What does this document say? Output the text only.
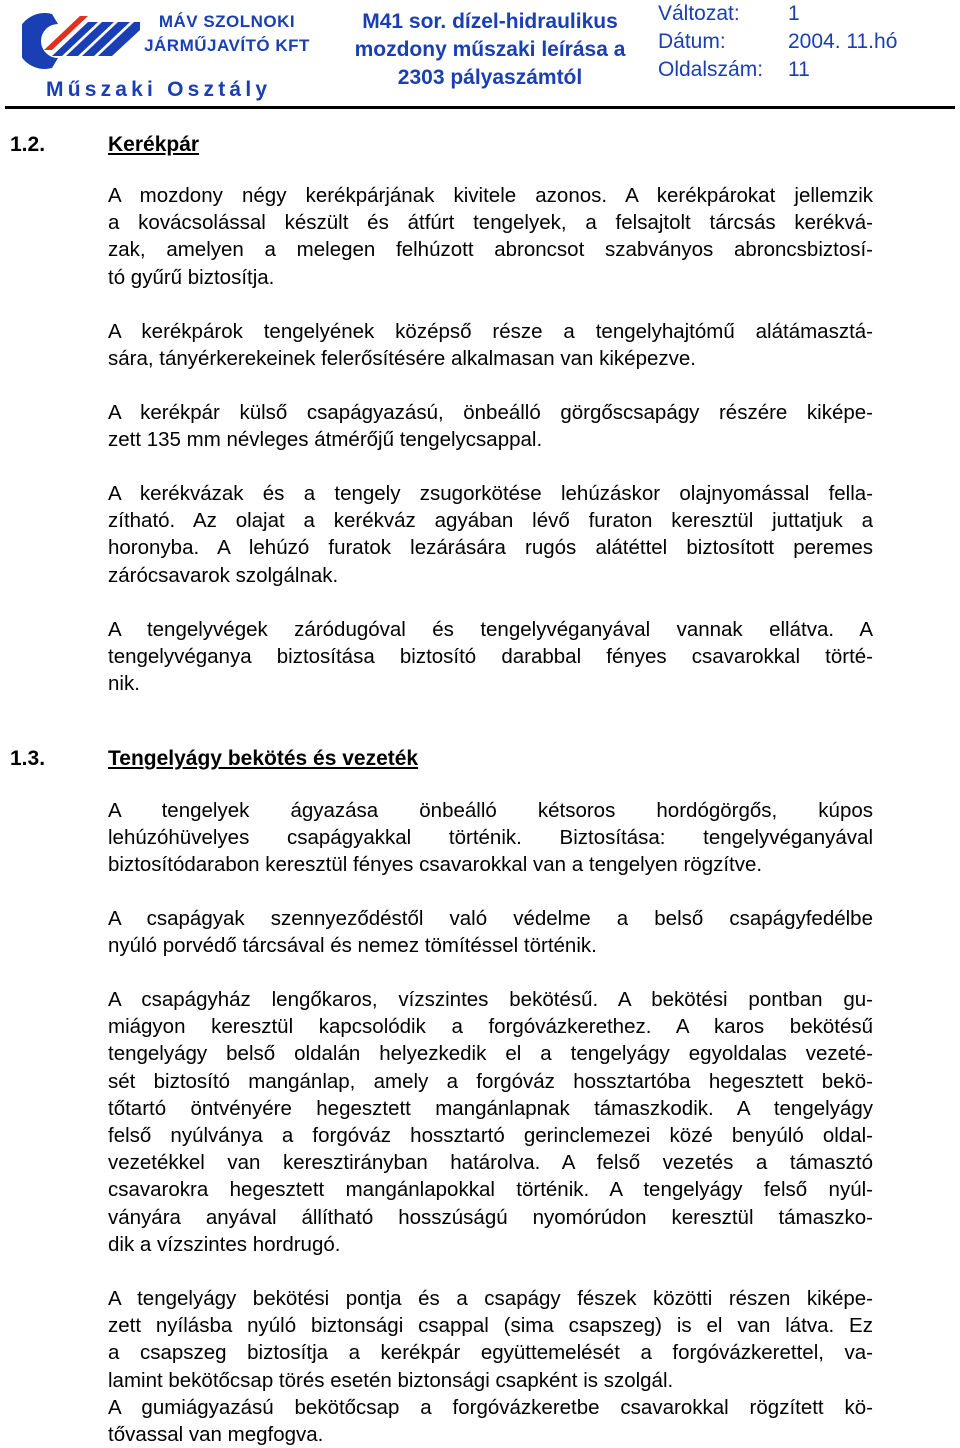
MÁV SZOLNOKI
JÁRMŰJAVÍTÓ KFT
Műszaki Osztály
M41 sor. dízel-hidraulikus
mozdony műszaki leírása a
2303 pályaszámtól
Változat:	1
Dátum:	2004. 11.hó
Oldalszám:	11
1.2.	Kerékpár
A mozdony négy kerékpárjának kivitele azonos. A kerékpárokat jellemzik
a kovácsolással készült és átfúrt tengelyek, a felsajtolt tárcsás kerékvá-
zak, amelyen a melegen felhúzott abroncsot szabványos abroncsbiztosí-
tó gyűrű biztosítja.
A kerékpárok tengelyének középső része a tengelyhajtómű alátámasztá-
sára, tányérkerekeinek felerősítésére alkalmasan van kiképezve.
A kerékpár külső csapágyazású, önbeálló görgőscsapágy részére kiképe-
zett 135 mm névleges átmérőjű tengelycsappal.
A kerékvázak és a tengely zsugorkötése lehúzáskor olajnyomással fella-
zítható. Az olajat a kerékváz agyában lévő furaton keresztül juttatjuk a
horonyba. A lehúzó furatok lezárására rugós alátéttel biztosított peremes
zárócsavarok szolgálnak.
A tengelyvégek záródugóval és tengelyvéganyával vannak ellátva. A
tengelyvéganya biztosítása biztosító darabbal fényes csavarokkal törté-
nik.
1.3.	Tengelyágy bekötés és vezeték
A tengelyek ágyazása önbeálló kétsoros hordógörgős, kúpos
lehúzóhüvelyes csapágyakkal történik. Biztosítása: tengelyvéganyával
biztosítódarabon keresztül fényes csavarokkal van a tengelyen rögzítve.
A csapágyak szennyeződéstől való védelme a belső csapágyfedélbe
nyúló porvédő tárcsával és nemez tömítéssel történik.
A csapágyház lengőkaros, vízszintes bekötésű. A bekötési pontban gu-
miágyon keresztül kapcsolódik a forgóvázkerethez. A karos bekötésű
tengelyágy belső oldalán helyezkedik el a tengelyágy egyoldalas vezeté-
sét biztosító mangánlap, amely a forgóváz hossztartóba hegesztett bekö-
tőtartó öntvényére hegesztett mangánlapnak támaszkodik. A tengelyágy
felső nyúlványa a forgóváz hossztartó gerinclemezei közé benyúló oldal-
vezetékkel van keresztirányban határolva. A felső vezetés a támasztó
csavarokra hegesztett mangánlapokkal történik. A tengelyágy felső nyúl-
ványára anyával állítható hosszúságú nyomórúdon keresztül támaszko-
dik a vízszintes hordrugó.
A tengelyágy bekötési pontja és a csapágy fészek közötti részen kiképe-
zett nyílásba nyúló biztonsági csappal (sima csapszeg) is el van látva. Ez
a csapszeg biztosítja a kerékpár együttemelését a forgóvázkerettel, va-
lamint bekötőcsap törés esetén biztonsági csapként is szolgál.
A gumiágyazású bekötőcsap a forgóvázkeretbe csavarokkal rögzített kö-
tővassal van megfogva.
